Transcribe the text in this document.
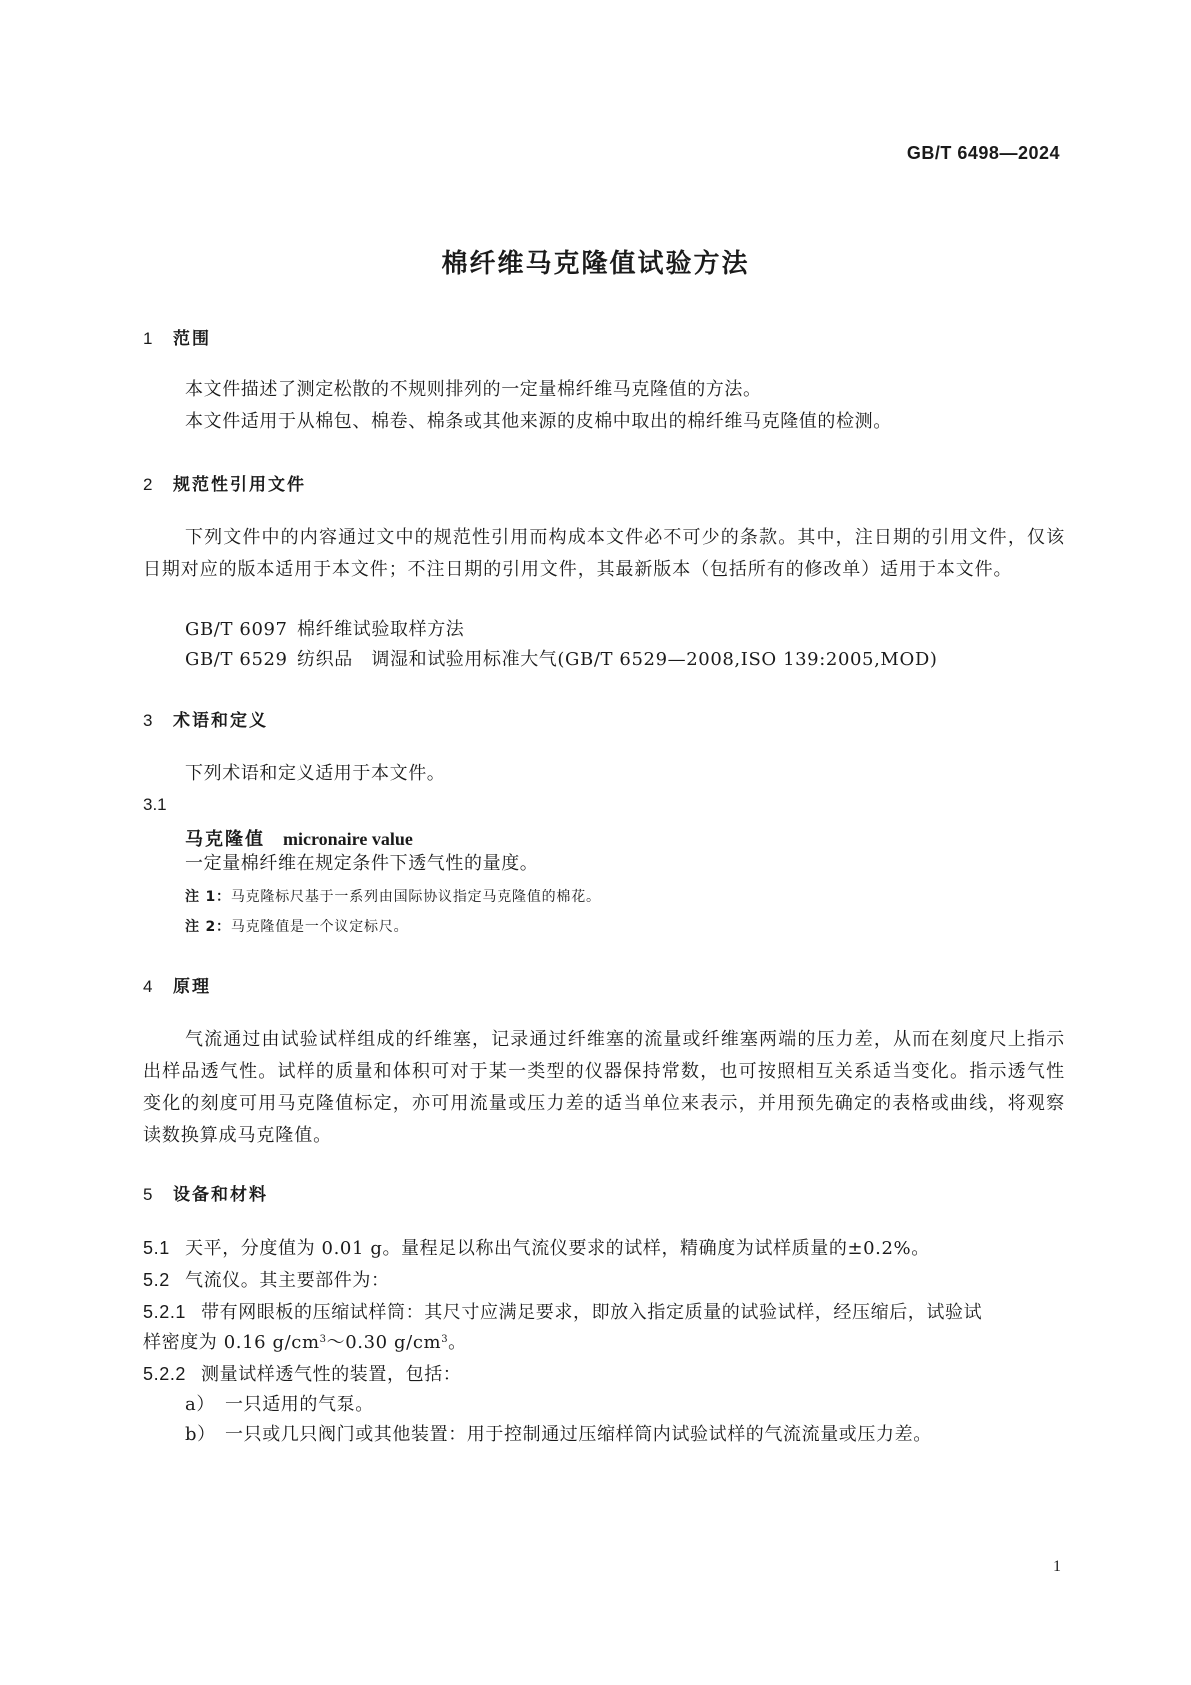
GB/T 6498—2024
棉纤维马克隆值试验方法
1 范围
本文件描述了测定松散的不规则排列的一定量棉纤维马克隆值的方法。
本文件适用于从棉包、棉卷、棉条或其他来源的皮棉中取出的棉纤维马克隆值的检测。
2 规范性引用文件
下列文件中的内容通过文中的规范性引用而构成本文件必不可少的条款。其中，注日期的引用文件，仅该日期对应的版本适用于本文件；不注日期的引用文件，其最新版本（包括所有的修改单）适用于本文件。
GB/T 6097 棉纤维试验取样方法
GB/T 6529 纺织品　调湿和试验用标准大气(GB/T 6529—2008,ISO 139:2005,MOD)
3 术语和定义
下列术语和定义适用于本文件。
3.1
马克隆值 micronaire value
一定量棉纤维在规定条件下透气性的量度。
注 1：马克隆标尺基于一系列由国际协议指定马克隆值的棉花。
注 2：马克隆值是一个议定标尺。
4 原理
气流通过由试验试样组成的纤维塞，记录通过纤维塞的流量或纤维塞两端的压力差，从而在刻度尺上指示出样品透气性。试样的质量和体积可对于某一类型的仪器保持常数，也可按照相互关系适当变化。指示透气性变化的刻度可用马克隆值标定，亦可用流量或压力差的适当单位来表示，并用预先确定的表格或曲线，将观察读数换算成马克隆值。
5 设备和材料
5.1 天平，分度值为 0.01 g。量程足以称出气流仪要求的试样，精确度为试样质量的±0.2%。
5.2 气流仪。其主要部件为：
5.2.1 带有网眼板的压缩试样筒：其尺寸应满足要求，即放入指定质量的试验试样，经压缩后，试验试
样密度为 0.16 $g/cm^3\sim 0.30$ $g/cm^3$。
5.2.2 测量试样透气性的装置，包括：
a） 一只适用的气泵。
b） 一只或几只阀门或其他装置：用于控制通过压缩样筒内试验试样的气流流量或压力差。
1
